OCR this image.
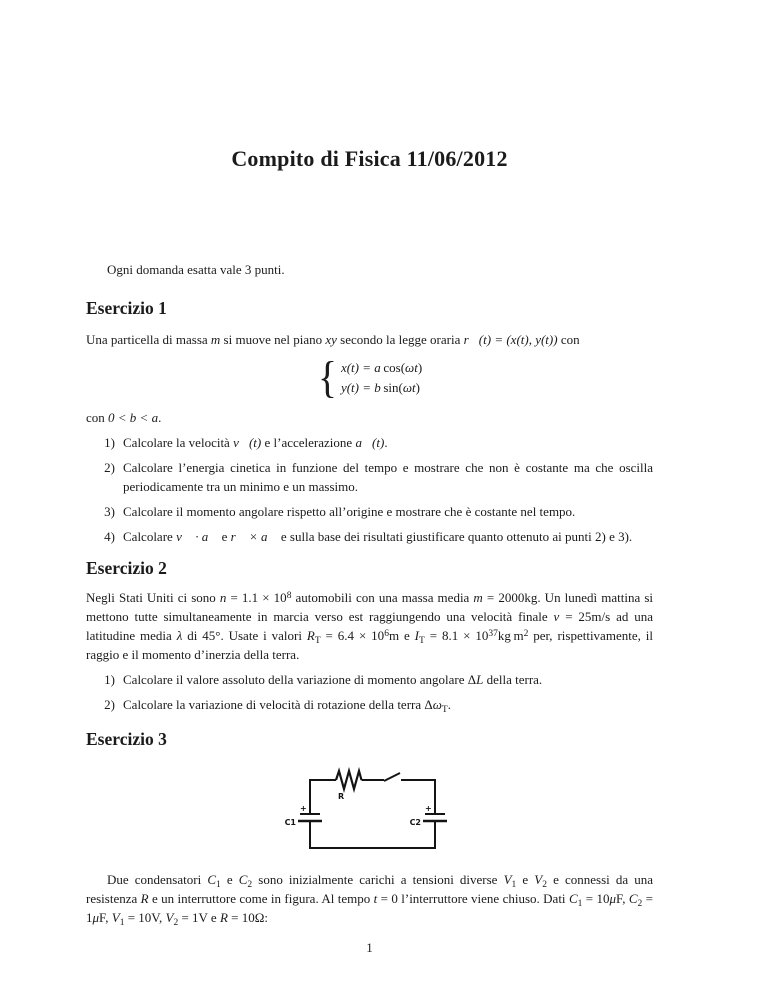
Compito di Fisica 11/06/2012
Ogni domanda esatta vale 3 punti.
Esercizio 1
Una particella di massa m si muove nel piano xy secondo la legge oraria r⃗(t) = (x(t), y(t)) con
{ x(t) = a cos(ωt)
y(t) = b sin(ωt)
con 0 < b < a.
1) Calcolare la velocità v⃗(t) e l’accelerazione a⃗(t).
2) Calcolare l’energia cinetica in funzione del tempo e mostrare che non è costante ma che oscilla periodicamente tra un minimo e un massimo.
3) Calcolare il momento angolare rispetto all’origine e mostrare che è costante nel tempo.
4) Calcolare v⃗ · a⃗ e r⃗ × a⃗ e sulla base dei risultati giustificare quanto ottenuto ai punti 2) e 3).
Esercizio 2
Negli Stati Uniti ci sono $n = 1.1 \times 10^8$ automobili con una massa media m = 2000kg. Un lunedì mattina si mettono tutte simultaneamente in marcia verso est raggiungendo una velocità finale v = 25m/s ad una latitudine media λ di 45°. Usate i valori $R_T = 6.4 \times 10^6m$ e $I_T = 8.1 \times 10^{37}kg$ $m^2$ per, rispettivamente, il raggio e il momento d’inerzia della terra.
1) Calcolare il valore assoluto della variazione di momento angolare ΔL della terra.
2) Calcolare la variazione di velocità di rotazione della terra $\Delta\omega_T$.
Esercizio 3
R
+	+
C1	C2
Due condensatori $C_1$ e $C_2$ sono inizialmente carichi a tensioni diverse $V_1$ e $V_2$ e connessi da una resistenza R e un interruttore come in figura. Al tempo t = 0 l’interruttore viene chiuso. Dati $C_1 = 10\mu F$, $C_2 = 1\mu F$, $V_1 = 10V$, $V_2 = 1V$ e R = 10Ω:
1
